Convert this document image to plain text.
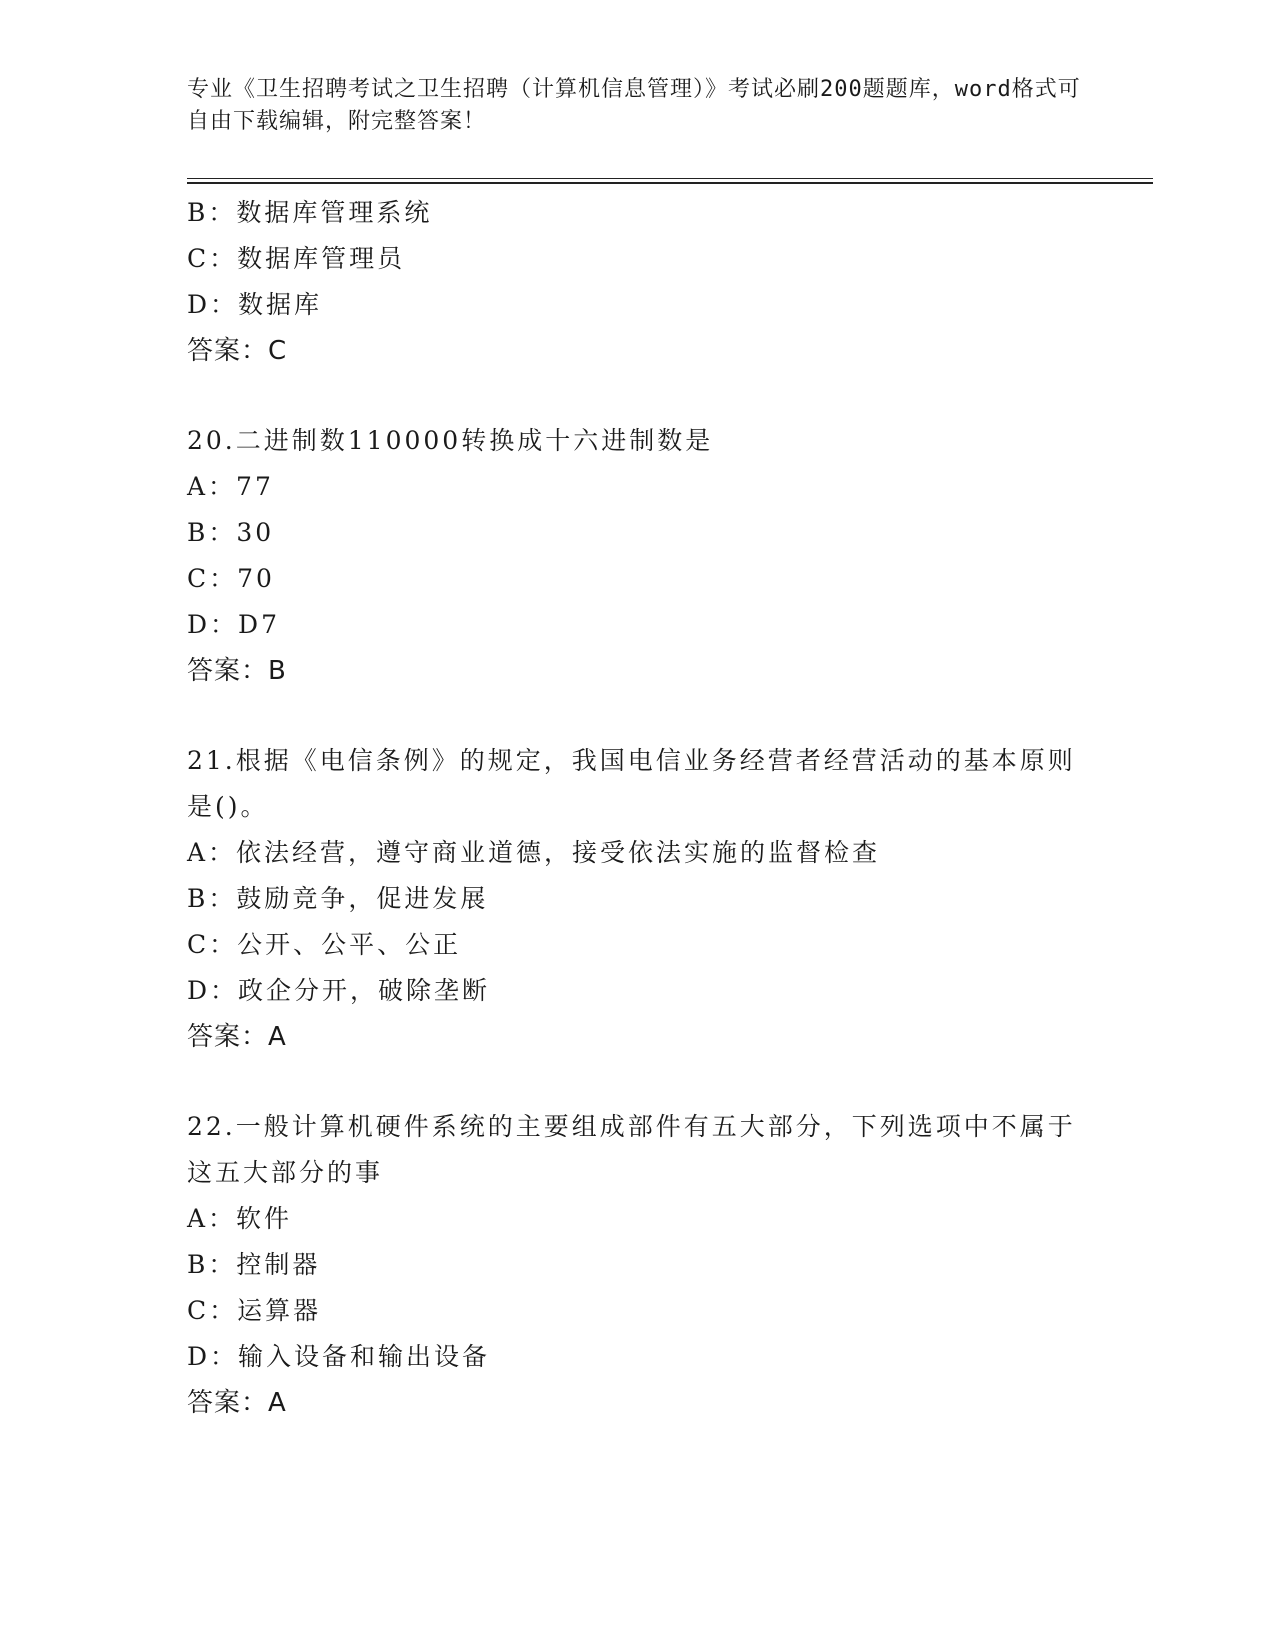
专业《卫生招聘考试之卫生招聘（计算机信息管理）》考试必刷200题题库，word格式可自由下载编辑，附完整答案！
B：数据库管理系统
C：数据库管理员
D：数据库
答案：C
20.二进制数110000转换成十六进制数是
A：77
B：30
C：70
D：D7
答案：B
21.根据《电信条例》的规定，我国电信业务经营者经营活动的基本原则是()。
A：依法经营，遵守商业道德，接受依法实施的监督检查
B：鼓励竞争，促进发展
C：公开、公平、公正
D：政企分开，破除垄断
答案：A
22.一般计算机硬件系统的主要组成部件有五大部分，下列选项中不属于这五大部分的事
A：软件
B：控制器
C：运算器
D：输入设备和输出设备
答案：A
